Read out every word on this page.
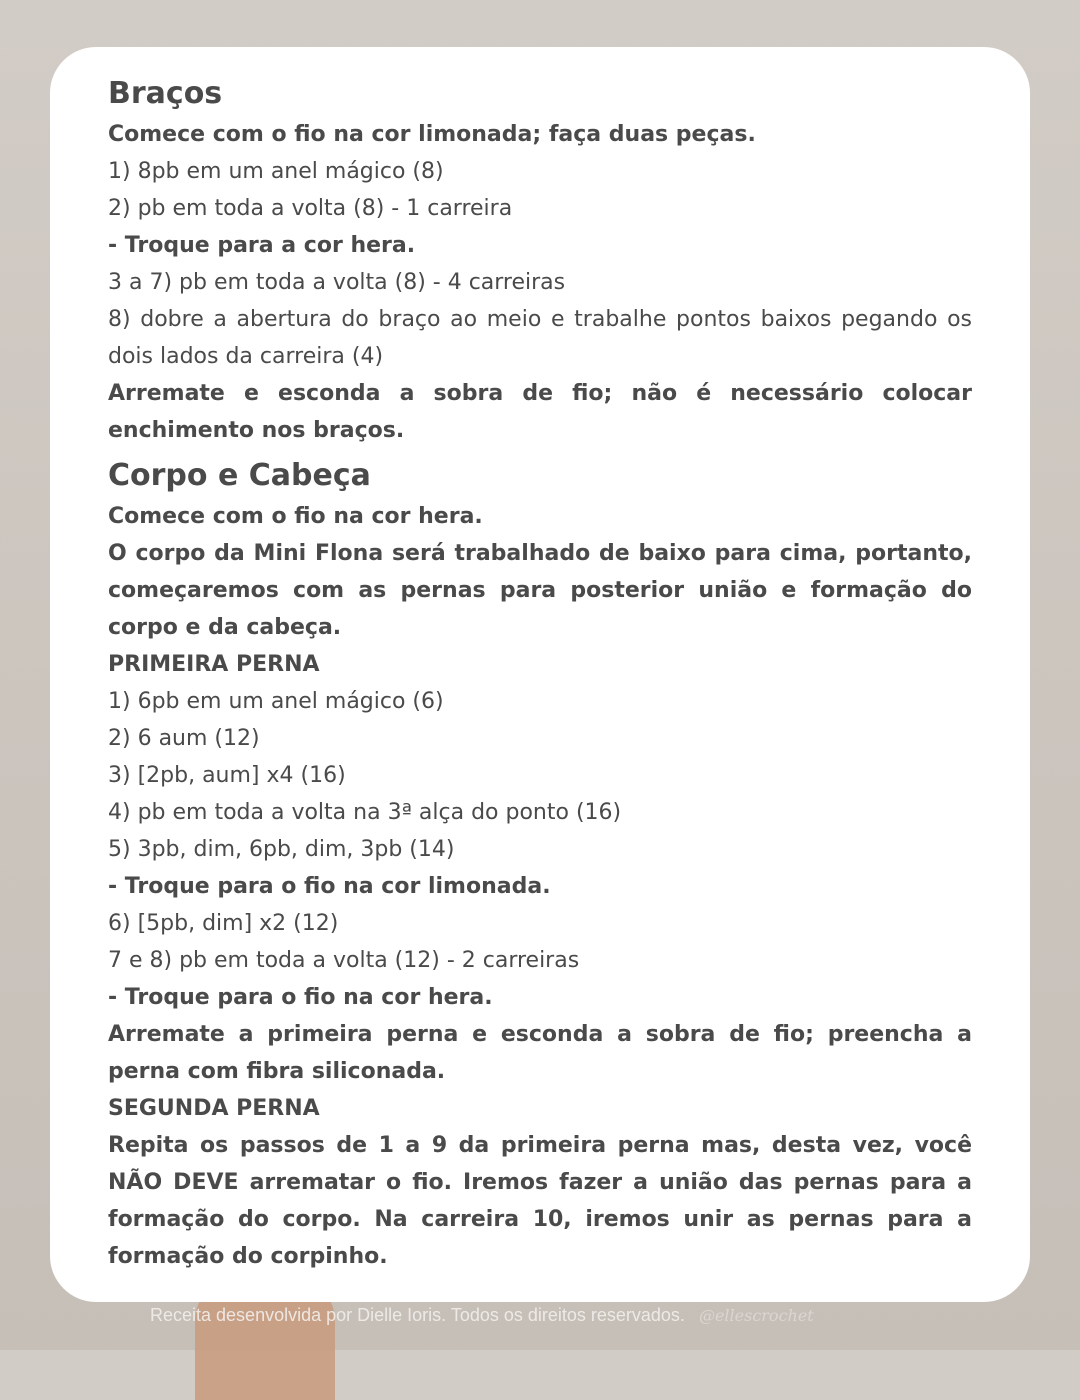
Braços

Comece com o fio na cor limonada; faça duas peças.

1) 8pb em um anel mágico (8)

2) pb em toda a volta (8) - 1 carreira

- Troque para a cor hera.

3 a 7) pb em toda a volta (8) - 4 carreiras

8) dobre a abertura do braço ao meio e trabalhe pontos baixos pegando os dois lados da carreira (4)

Arremate e esconda a sobra de fio; não é necessário colocar enchimento nos braços.

Corpo e Cabeça

Comece com o fio na cor hera.

O corpo da Mini Flona será trabalhado de baixo para cima, portanto, começaremos com as pernas para posterior união e formação do corpo e da cabeça.

PRIMEIRA PERNA

1) 6pb em um anel mágico (6)

2) 6 aum (12)

3) [2pb, aum] x4 (16)

4) pb em toda a volta na 3ª alça do ponto (16)

5) 3pb, dim, 6pb, dim, 3pb (14)

- Troque para o fio na cor limonada.

6) [5pb, dim] x2 (12)

7 e 8) pb em toda a volta (12) - 2 carreiras

- Troque para o fio na cor hera.

Arremate a primeira perna e esconda a sobra de fio; preencha a perna com fibra siliconada.

SEGUNDA PERNA

Repita os passos de 1 a 9 da primeira perna mas, desta vez, você NÃO DEVE arrematar o fio. Iremos fazer a união das pernas para a formação do corpo. Na carreira 10, iremos unir as pernas para a formação do corpinho.

Receita desenvolvida por Dielle Ioris. Todos os direitos reservados. @ellescrochet
